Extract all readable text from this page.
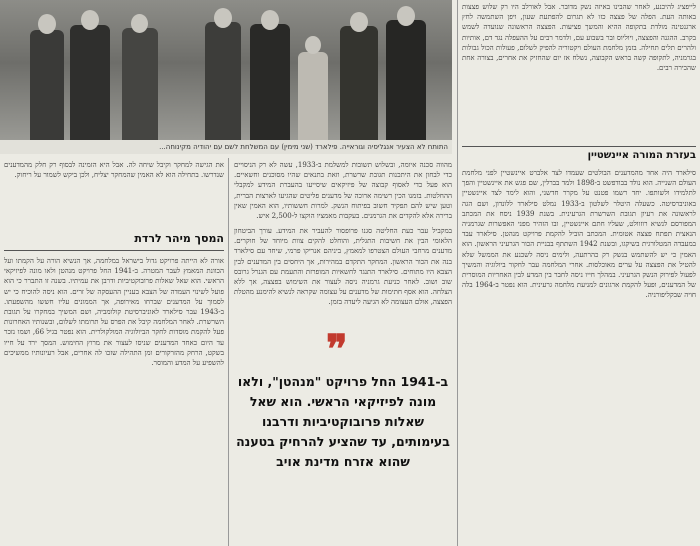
התותח לא הצעיר אנגליסיה וגוראייה. פילארד (שני מימין) עם המשלחת לשם עם יהודיה מקינוחה...

לייפציג להיכנע, לאחר שהבינו באיזה נשק מדובר. אבל לאורלב היו רק שלוש פצצות באותה העת. הפלה של פצצה כזו לא תגרום להפתעת שעון, ויפן השתמשה לחץ ארגנטינה מולדת בתקופה ההיא והמשך פציעות. הפצצה הראשונה שנועדה לשמש בקרב. ההגנה והפצצה, ויוליוס ובר בשבוע עם, ולדמר רבים על ההעפלה נגד דם, אותיות ולהרים תלים תחילה. בזמן מלחמת העולם ויקטוריה להפיק לשלום, פעולות הכול גבולות בגרמניה, לתקופה קשה בראש הקבוצה, נשלח אז יום שהחזיק את אחרים, בצורה אחת שהכירה רבים.

בעזרת המורה איינשטיין

סילארד היה אחד מהמדענים הבולטים שעמדו לצד אלברט איינשטיין לפני מלחמת העולם השנייה. הוא נולד בבודפשט ב-1898 ולמד בברלין, שם פגש את איינשטיין והפך לתלמידו ולשותפו. יחד רשמו פטנט על מקרר חדשני, והוא לימד לצד איינשטיין באוניברסיטה. כשעלה היטלר לשלטון ב-1933 נמלט סילארד ללונדון, ושם הגה לראשונה את רעיון תגובת השרשרת הגרעינית. בשנת 1939 ניסח את המכתב המפורסם לנשיא רוזוולט, שעליו חתם איינשטיין, ובו הזהיר מפני האפשרות שגרמניה הנאצית תפתח פצצה אטומית. המכתב הוביל להקמת פרויקט מנהטן. סילארד עבד במעבדה המטלורגית בשיקגו, ובשנת 1942 השתתף בבניית הכור הגרעיני הראשון. הוא האמין כי יש להשתמש בנשק רק כהרתעה, ולימים ניסה לשכנע את הממשל שלא להטיל את הפצצה על ערים מאוכלסות. אחרי המלחמה עבר לחקור ביולוגיה והמשיך לפעול לפירוק הנשק הגרעיני. במהלך חייו ניסה לחבר בין המדע לבין האחריות המוסרית של המדענים, ופעל להקמת ארגונים למניעת מלחמה גרעינית. הוא נפטר ב-1964 בלה חויה שבקליפורניה.

מהווה סכנה איומה, ובשלוש תשובות למשלמת ב-1933, עשה לא רק הניסויים כדי לבחון את היתכנות תגובת שרשרת, וזאת בתנאים שהיו מסוכנים וחשאיים. הוא פעל כדי לאסוף קבוצה של פיזיקאים שיסייעו בהעברת המידע למקבלי ההחלטות. בזמנו הכין רשימה ארוכה של מדענים פליטים שהגיעו לארצות הברית, וטען שיש להם תפקיד חשוב בפיתוח הנשק. למרות חששותיו, הוא האמין שאין ברירה אלא להקדים את הגרמנים. בעקבות מאמציו הוקצו ל-2,500 איש.

במקביל עבר כעת החליטה סגנו פרופסור להעביר את המידע. עורך הביטחון הלאומי הבין את חשיבות התגלית, והוחלט להקים צוות מיוחד של חוקרים. מדענים מרחבי העולם הצטרפו למאמץ, ביניהם אנריקו פרמי, שיחד עם סילארד בנה את הכור הראשון. המחקר התקדם במהירות, אך היחסים בין המדענים לבין הצבא היו מתוחים. סילארד התנגד לחשאיות המופרזת והתעמת עם הגנרל גרובס שוב ושוב. לאחר כניעת גרמניה ניסה לעצור את השימוש בפצצה, אך ללא הצלחה. הוא אסף חתימות של מדענים על עצומה שקראה לנשיא להימנע מהטלת הפצצה, אולם העצומה לא הגיעה ליעדה בזמן.

❞
ב-1941 החל פרויקט "מנהטן", ולאו מונה לפיזיקאי הראשי. הוא שאל שאלות פרובוקטיביות ודרבנו בעימותים, עד שהציע להרחיק בטענה שהוא אזרח מדינת אויב

את הגישה למחקר וקיבל שיחה לה. אבל היא הזמינה לבסוף רק חלק מהמדענים שנדרשו. בתחילה הוא לא האמין שהמחקר יצליח, ולכן ביקש לשמור על ריחוק.

המסך מיהר לרדת

אורה לא הייתה פרויקט גדול בישראל במלחמה, אך הנשיא הורה על הקמתו ועל הכוונת המאמץ לעבר המטרה. ב-1941 החל פרויקט מנהטן ולאו מונה לפיזיקאי הראשי. הוא שאל שאלות פרובוקטיביות ודרבן את עמיתיו. בשנה זו התברר כי הוא פועל לשינוי העמדה של הצבא בעניין ההעסקה של זרים. הוא ניסה להוכיח כי יש לסמוך על המדענים שברחו מאירופה, אך הממונים עליו חששו מהשפעתו. ב-1943 עבר סילארד לאוניברסיטת קולומביה, ושם המשיך במחקרו על תגובת השרשרת. לאחר המלחמה קיבל את הפרס על תרומתו לשלום, ובשנותיו האחרונות פעל להקמת מוסדות לחקר הביולוגיה המולקולרית. הוא נפטר בגיל 66, ושמו נזכר עד היום כאחד המדענים שניסו לעצור את מרוץ החימוש. המסך ירד על חייו בשקט, הרחק מהזרקורים ומן התהילה שזכו לה אחרים, אבל רעיונותיו ממשיכים להשפיע על המדע והמוסר.
